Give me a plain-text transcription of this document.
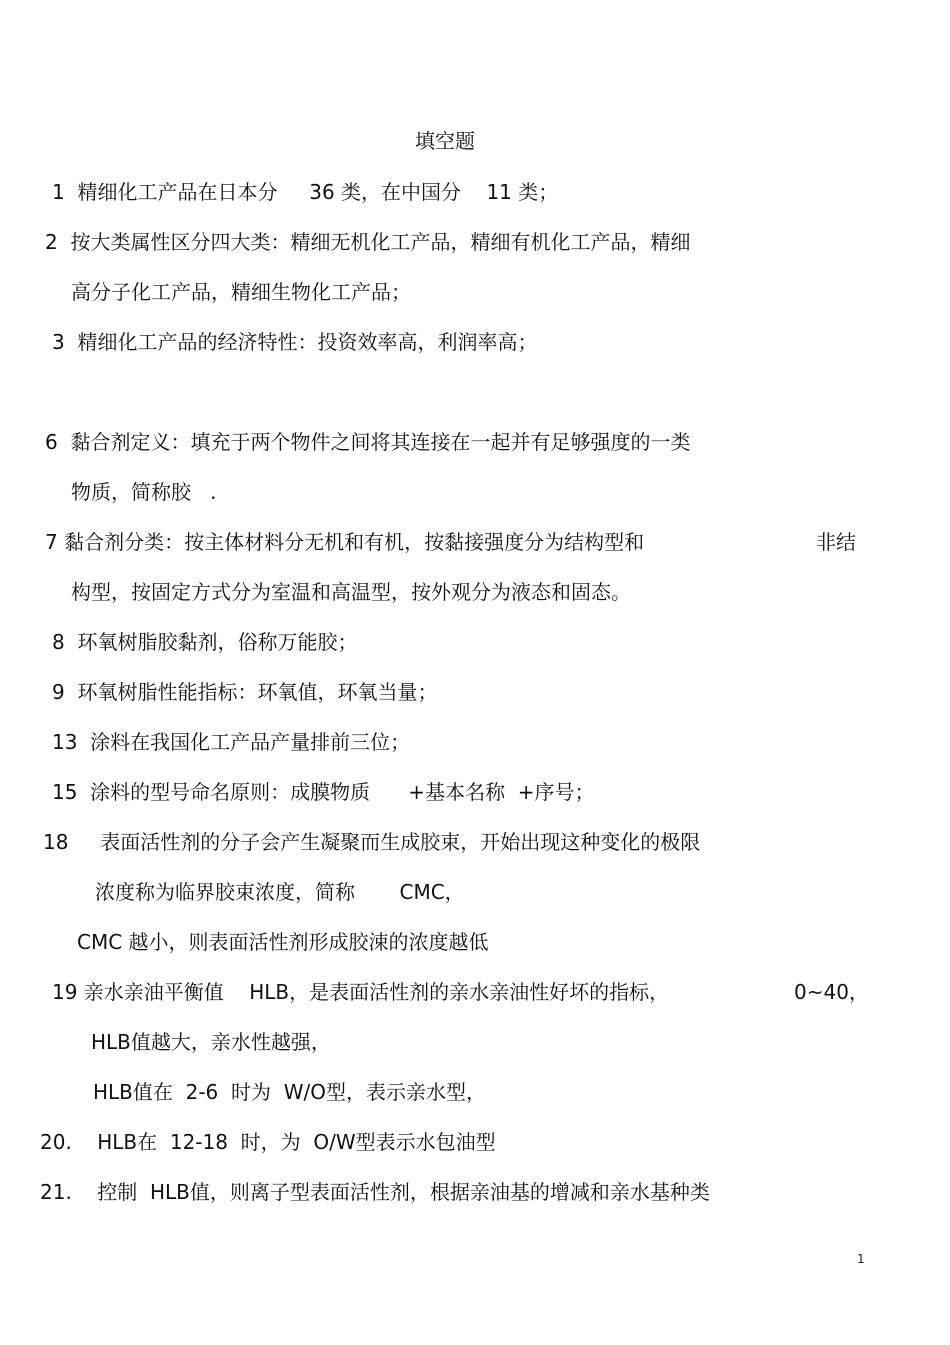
填空题
1  精细化工产品在日本分     36 类，在中国分    11 类；
2  按大类属性区分四大类：精细无机化工产品，精细有机化工产品，精细
高分子化工产品，精细生物化工产品；
3  精细化工产品的经济特性：投资效率高，利润率高；
6  黏合剂定义：填充于两个物件之间将其连接在一起并有足够强度的一类
物质，简称胶   .
7 黏合剂分类：按主体材料分无机和有机，按黏接强度分为结构型和	非结
构型，按固定方式分为室温和高温型，按外观分为液态和固态。
8  环氧树脂胶黏剂，俗称万能胶；
9  环氧树脂性能指标：环氧值，环氧当量；
13  涂料在我国化工产品产量排前三位；
15  涂料的型号命名原则：成膜物质      +基本名称  +序号；
18     表面活性剂的分子会产生凝聚而生成胶束，开始出现这种变化的极限
浓度称为临界胶束浓度，简称       CMC，
CMC 越小，则表面活性剂形成胶涑的浓度越低
19 亲水亲油平衡值    HLB，是表面活性剂的亲水亲油性好坏的指标，	0~40，
HLB值越大，亲水性越强，
HLB值在  2-6  时为  W/O型，表示亲水型，
20.    HLB在  12-18  时，为  O/W型表示水包油型
21.    控制  HLB值，则离子型表面活性剂，根据亲油基的增减和亲水基种类
1
